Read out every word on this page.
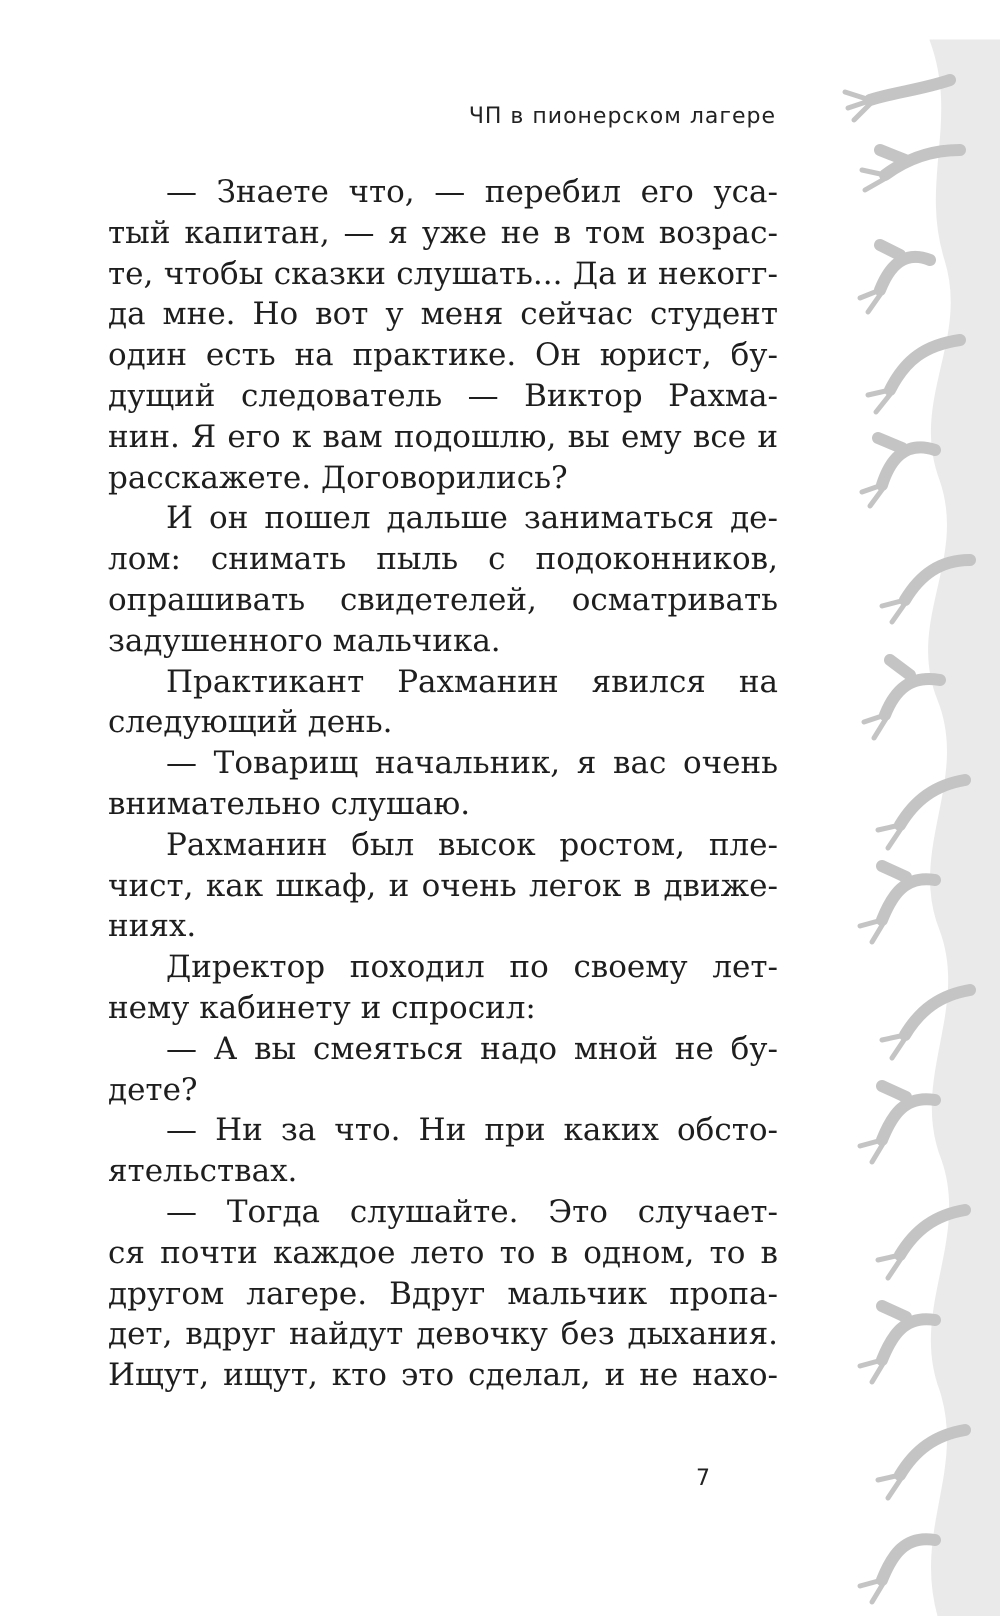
ЧП в пионерском лагере
— Знаете что, — перебил его уса-
тый капитан, — я уже не в том возрас-
те, чтобы сказки слушать... Да и некогг-
да мне. Но вот у меня сейчас студент
один есть на практике. Он юрист, бу-
дущий следователь — Виктор Рахма-
нин. Я его к вам подошлю, вы ему все и
расскажете. Договорились?
И он пошел дальше заниматься де-
лом: снимать пыль с подоконников,
опрашивать свидетелей, осматривать
задушенного мальчика.
Практикант Рахманин явился на
следующий день.
— Товарищ начальник, я вас очень
внимательно слушаю.
Рахманин был высок ростом, пле-
чист, как шкаф, и очень легок в движе-
ниях.
Директор походил по своему лет-
нему кабинету и спросил:
— А вы смеяться надо мной не бу-
дете?
— Ни за что. Ни при каких обсто-
ятельствах.
— Тогда слушайте. Это случает-
ся почти каждое лето то в одном, то в
другом лагере. Вдруг мальчик пропа-
дет, вдруг найдут девочку без дыхания.
Ищут, ищут, кто это сделал, и не нахо-
7
